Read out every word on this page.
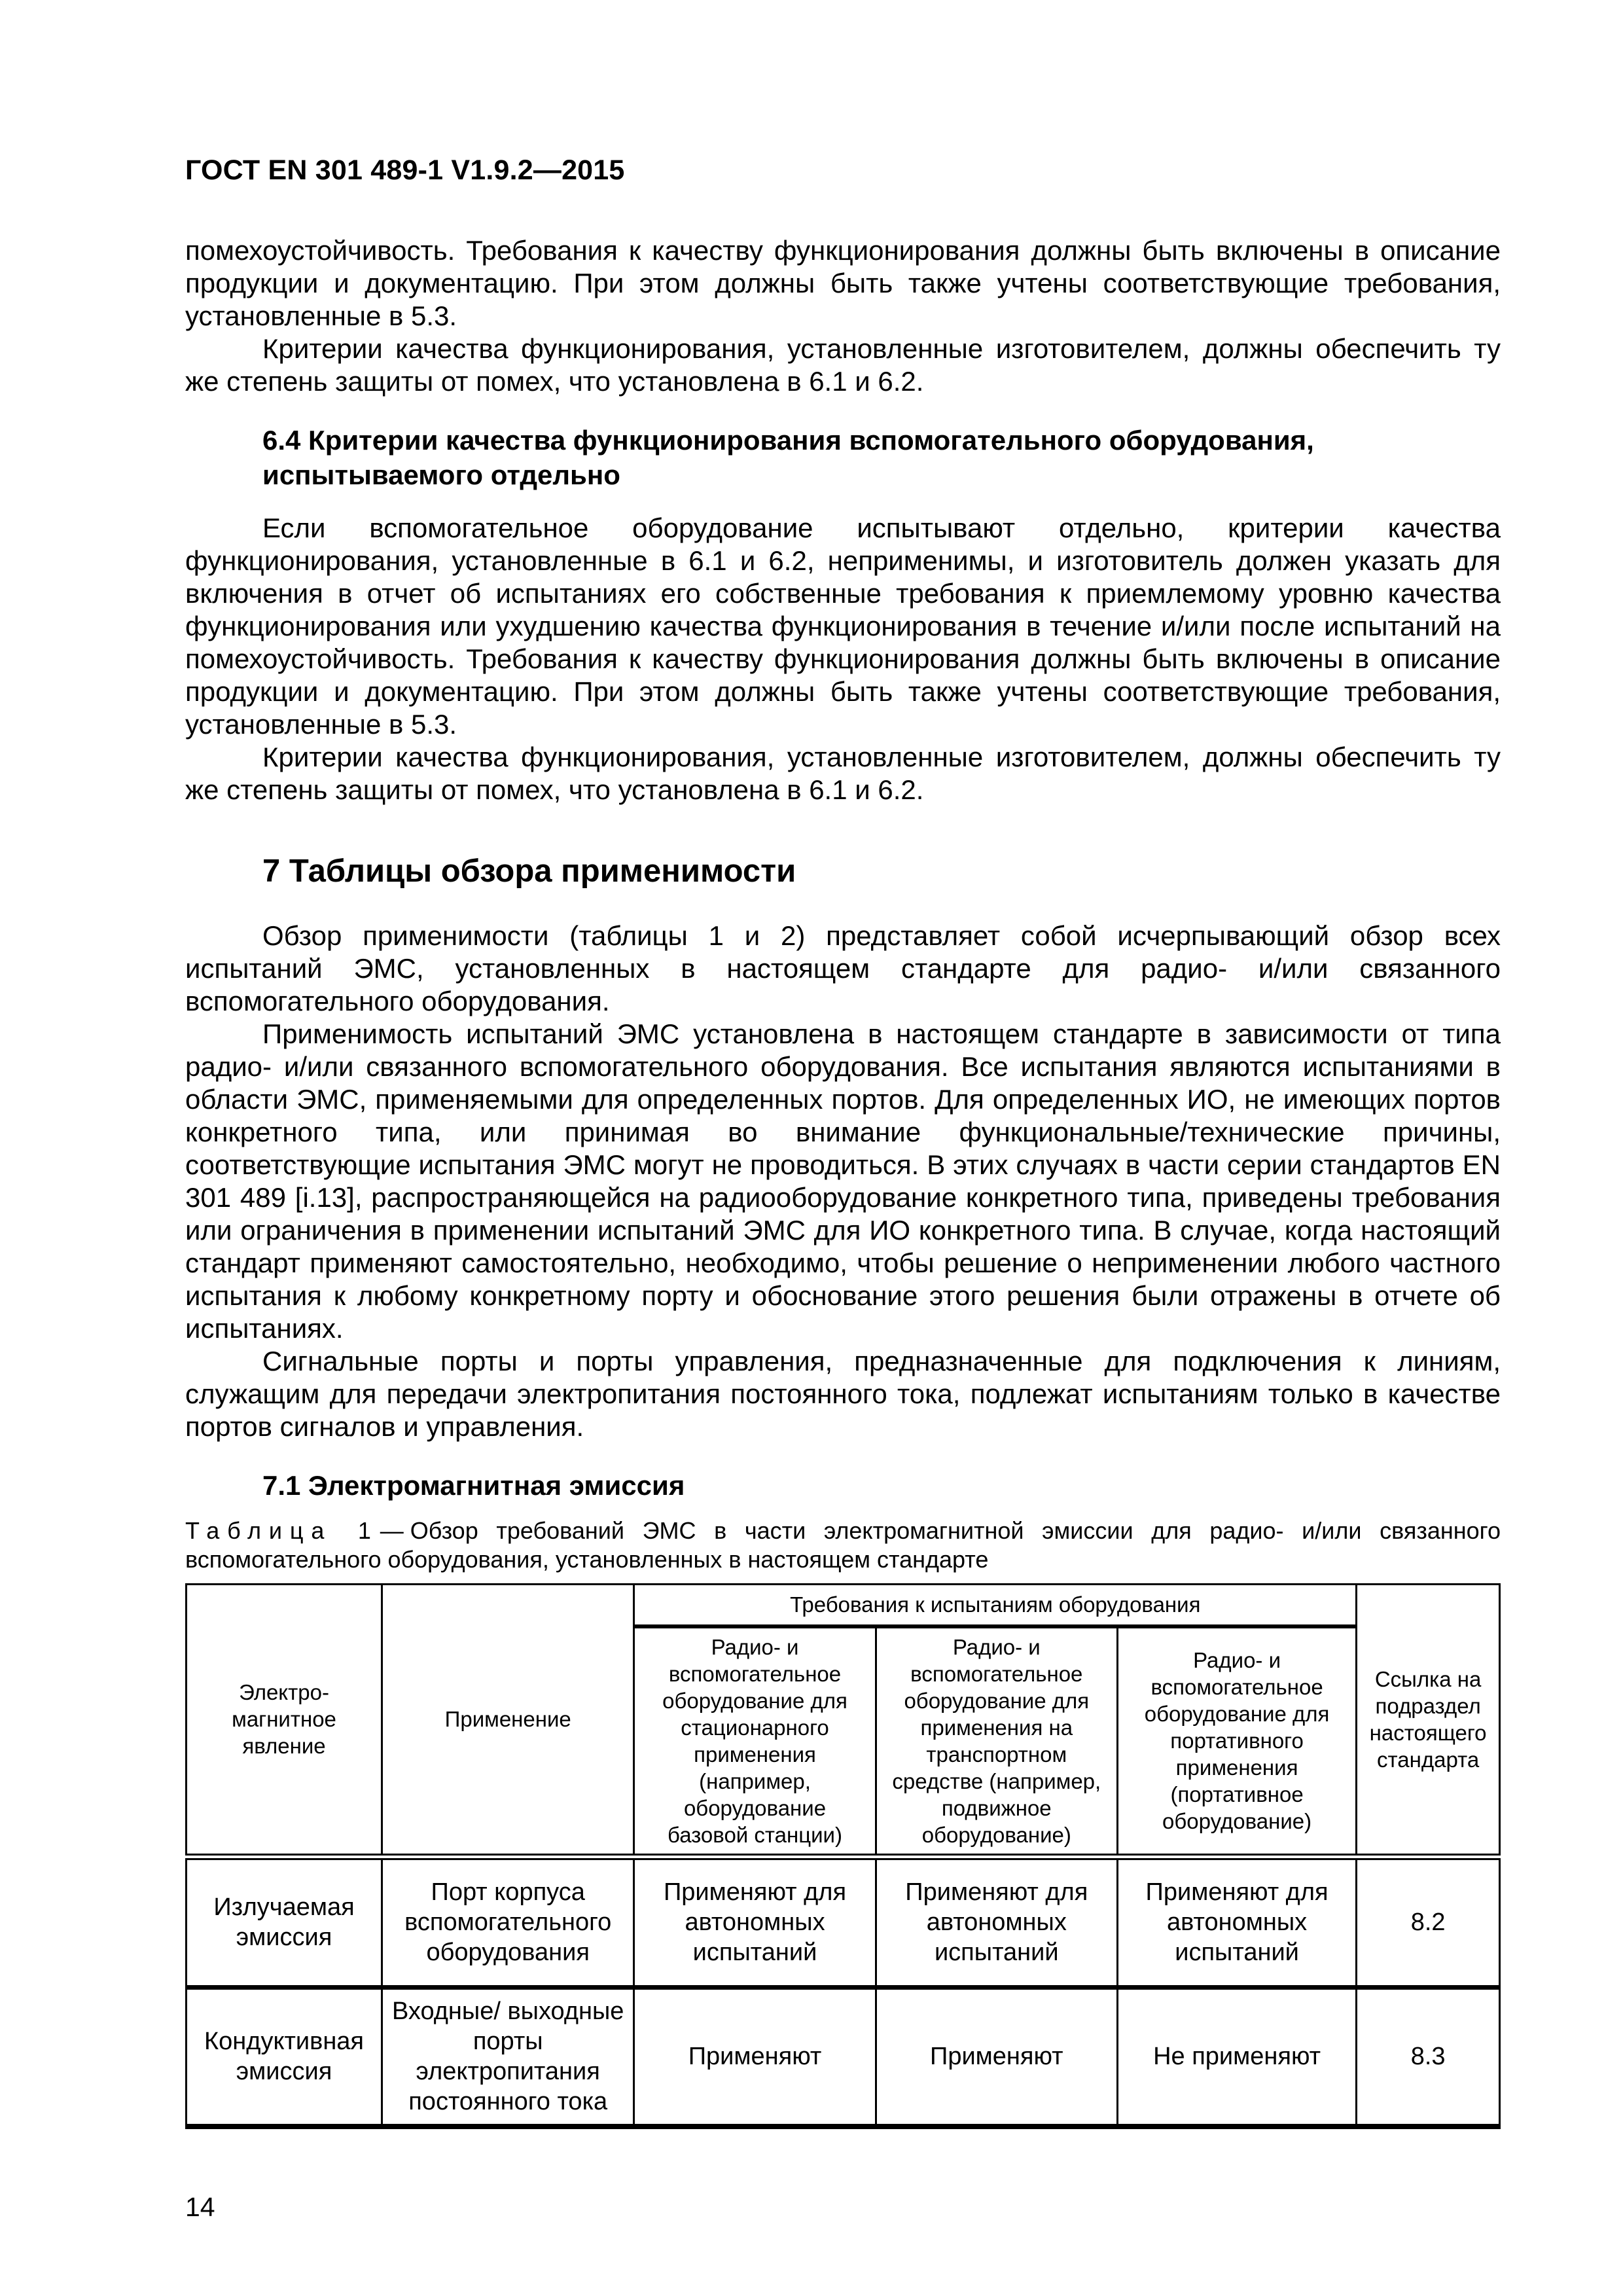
ГОСТ EN 301 489-1 V1.9.2—2015

помехоустойчивость. Требования к качеству функционирования должны быть включены в описание продукции и документацию. При этом должны быть также учтены соответствующие требования, установленные в 5.3.

Критерии качества функционирования, установленные изготовителем, должны обеспечить ту же степень защиты от помех, что установлена в 6.1 и 6.2.

6.4 Критерии качества функционирования вспомогательного оборудования, испытываемого отдельно

Если вспомогательное оборудование испытывают отдельно, критерии качества функционирования, установленные в 6.1 и 6.2, неприменимы, и изготовитель должен указать для включения в отчет об испытаниях его собственные требования к приемлемому уровню качества функционирования или ухудшению качества функционирования в течение и/или после испытаний на помехоустойчивость. Требования к качеству функционирования должны быть включены в описание продукции и документацию. При этом должны быть также учтены соответствующие требования, установленные в 5.3.

Критерии качества функционирования, установленные изготовителем, должны обеспечить ту же степень защиты от помех, что установлена в 6.1 и 6.2.

7 Таблицы обзора применимости

Обзор применимости (таблицы 1 и 2) представляет собой исчерпывающий обзор всех испытаний ЭМС, установленных в настоящем стандарте для радио- и/или связанного вспомогательного оборудования.

Применимость испытаний ЭМС установлена в настоящем стандарте в зависимости от типа радио- и/или связанного вспомогательного оборудования. Все испытания являются испытаниями в области ЭМС, применяемыми для определенных портов. Для определенных ИО, не имеющих портов конкретного типа, или принимая во внимание функциональные/технические причины, соответствующие испытания ЭМС могут не проводиться. В этих случаях в части серии стандартов EN 301 489 [i.13], распространяющейся на радиооборудование конкретного типа, приведены требования или ограничения в применении испытаний ЭМС для ИО конкретного типа. В случае, когда настоящий стандарт применяют самостоятельно, необходимо, чтобы решение о неприменении любого частного испытания к любому конкретному порту и обоснование этого решения были отражены в отчете об испытаниях.

Сигнальные порты и порты управления, предназначенные для подключения к линиям, служащим для передачи электропитания постоянного тока, подлежат испытаниям только в качестве портов сигналов и управления.

7.1 Электромагнитная эмиссия
Таблица 1— Обзор требований ЭМС в части электромагнитной эмиссии для радио- и/или связанного вспомогательного оборудования, установленных в настоящем стандарте
Электромагнитное явление	Применение	Требования к испытаниям оборудования			Ссылка на подраздел настоящего стандарта
		Радио- и вспомогательное оборудование для стационарного применения (например, оборудование базовой станции)	Радио- и вспомогательное оборудование для применения на транспортном средстве (например, подвижное оборудование)	Радио- и вспомогательное оборудование для портативного применения (портативное оборудование)	
Излучаемая эмиссия	Порт корпуса вспомогательного оборудования	Применяют для автономных испытаний	Применяют для автономных испытаний	Применяют для автономных испытаний	8.2
Кондуктивная эмиссия	Входные/ выходные порты электропитания постоянного тока	Применяют	Применяют	Не применяют	8.3
14
